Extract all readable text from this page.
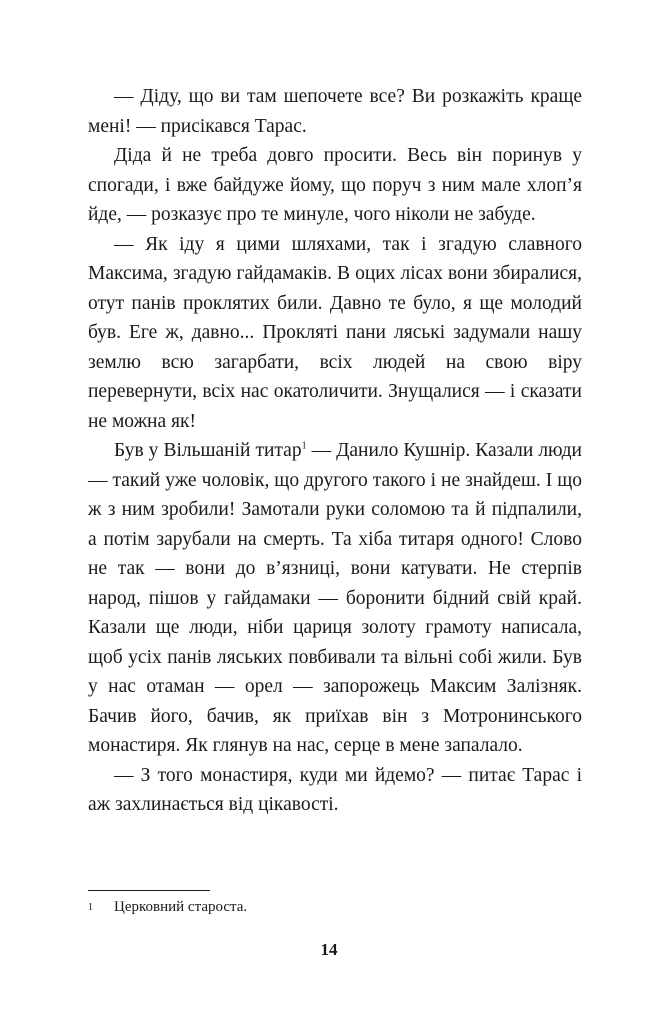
— Діду, що ви там шепочете все? Ви розкажіть краще мені! — присікався Тарас.

Діда й не треба довго просити. Весь він поринув у спогади, і вже байдуже йому, що поруч з ним мале хлоп’я йде, — розказує про те минуле, чого ніколи не забуде.

— Як іду я цими шляхами, так і згадую славного Максима, згадую гайдамаків. В оцих лісах вони збиралися, отут панів проклятих били. Давно те було, я ще молодий був. Еге ж, давно... Прокляті пани ляські задумали нашу землю всю загарбати, всіх людей на свою віру перевернути, всіх нас окатоличити. Знущалися — і сказати не можна як!

Був у Вільшаній титар$^1$ — Данило Кушнір. Казали люди — такий уже чоловік, що другого такого і не знайдеш. І що ж з ним зробили! Замотали руки соломою та й підпалили, а потім зарубали на смерть. Та хіба титаря одного! Слово не так — вони до в’язниці, вони катувати. Не стерпів народ, пішов у гайдамаки — боронити бідний свій край. Казали ще люди, ніби цариця золоту грамоту написала, щоб усіх панів ляських повбивали та вільні собі жили. Був у нас отаман — орел — запорожець Максим Залізняк. Бачив його, бачив, як приїхав він з Мотронинського монастиря. Як глянув на нас, серце в мене запалало.

— З того монастиря, куди ми йдемо? — питає Тарас і аж захлинається від цікавості.

1 Церковний староста.
14
